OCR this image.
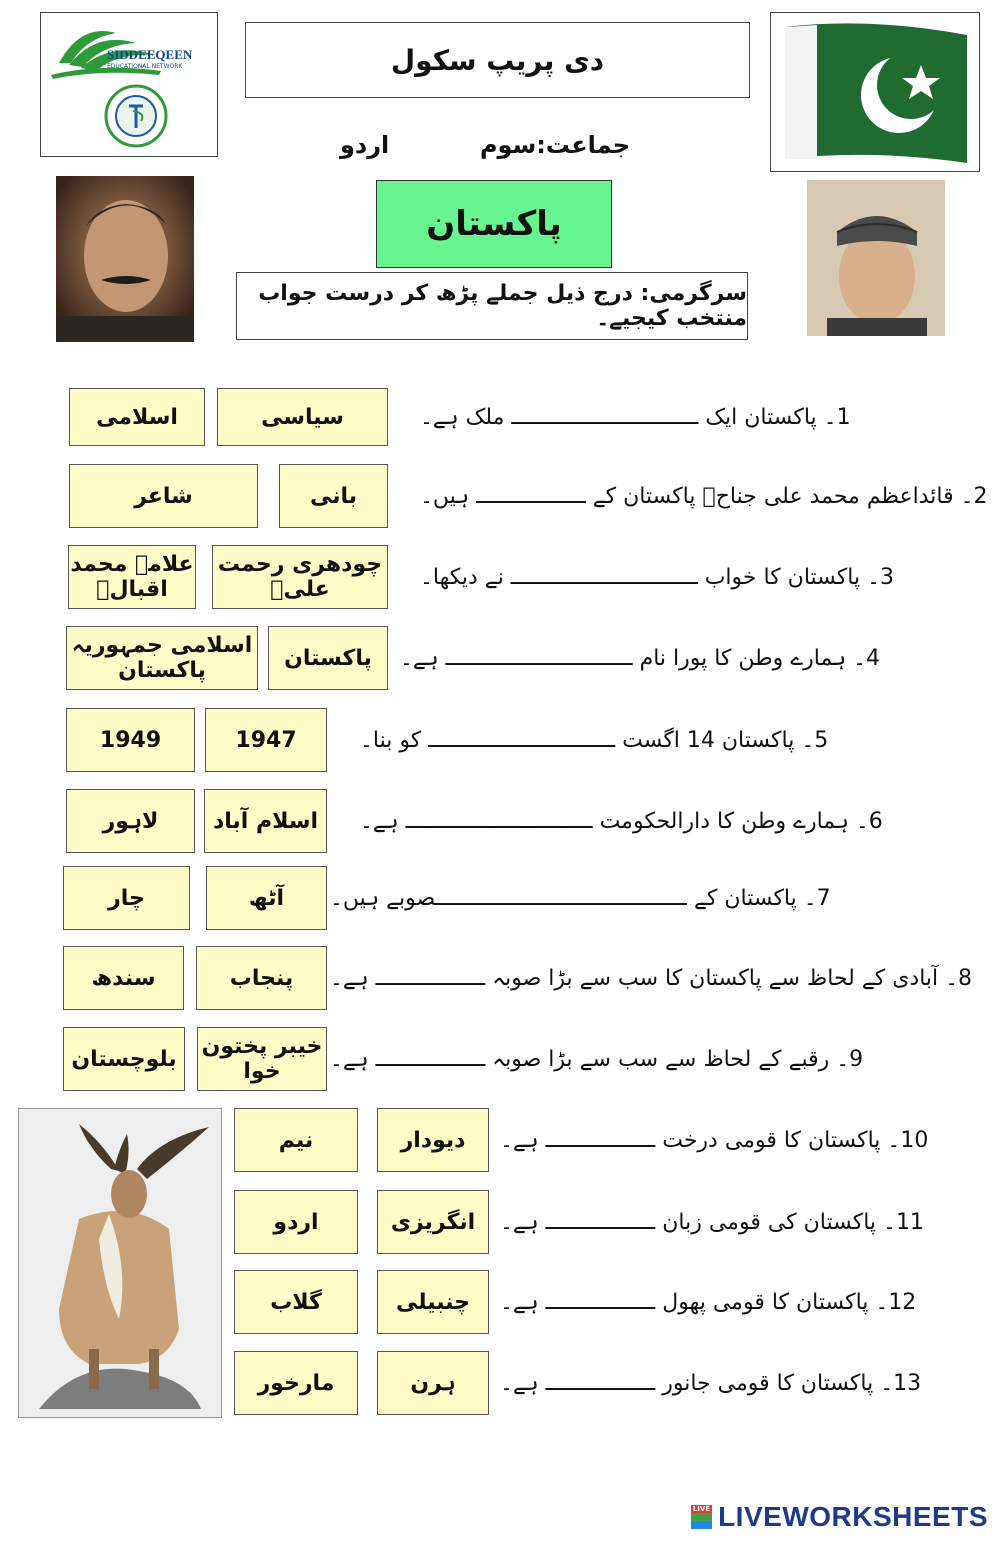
SIDDEEQEEN
EDUCATIONAL NETWORK	دی پریپ سکول
اردو	جماعت:سوم
پاکستان
سرگرمی: درج ذیل جملے پڑھ کر درست جواب منتخب کیجیے۔
1۔ پاکستان ایک ـــــــــــــــــــــــــــــ ملک ہے۔
سیاسی
اسلامی
2۔ قائداعظم محمد علی جناحؒ پاکستان کے ـــــــــــــــــ ہیں۔
بانی
شاعر
3۔ پاکستان کا خواب ـــــــــــــــــــــــــــــ نے دیکھا۔
چودھری رحمت علیؒ
علامہ محمد اقبالؒ
4۔ ہمارے وطن کا پورا نام ـــــــــــــــــــــــــــــ ہے۔
پاکستان
اسلامی جمہوریہ پاکستان
5۔ پاکستان 14 اگست ـــــــــــــــــــــــــــــ کو بنا۔
1947
1949
6۔ ہمارے وطن کا دارالحکومت ـــــــــــــــــــــــــــــ ہے۔
اسلام آباد
لاہور
7۔ پاکستان کے ـــــــــــــــــــــــــــــــــــــــصوبے ہیں۔
آٹھ
چار
8۔ آبادی کے لحاظ سے پاکستان کا سب سے بڑا صوبہ ـــــــــــــــــ ہے۔
پنجاب
سندھ
9۔ رقبے کے لحاظ سے سب سے بڑا صوبہ ـــــــــــــــــ ہے۔
خیبر پختون خوا
بلوچستان
10۔ پاکستان کا قومی درخت ـــــــــــــــــ ہے۔
دیودار
نیم
11۔ پاکستان کی قومی زبان ـــــــــــــــــ ہے۔
انگریزی
اردو
12۔ پاکستان کا قومی پھول ـــــــــــــــــ ہے۔
چنبیلی
گلاب
13۔ پاکستان کا قومی جانور ـــــــــــــــــ ہے۔
ہرن
مارخور
LIVE

LIVEWORKSHEETS
